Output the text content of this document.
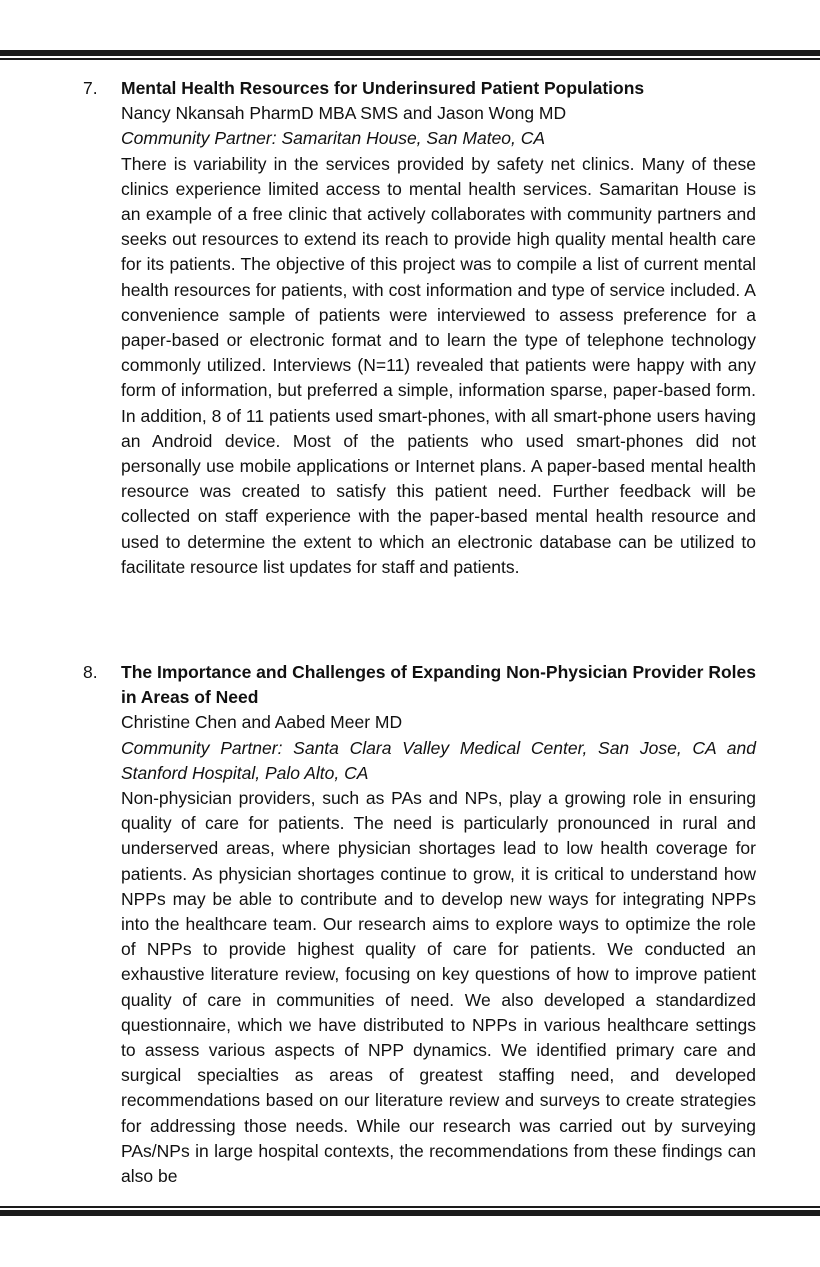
7. Mental Health Resources for Underinsured Patient Populations
Nancy Nkansah PharmD MBA SMS and Jason Wong MD
Community Partner: Samaritan House, San Mateo, CA
There is variability in the services provided by safety net clinics. Many of these clinics experience limited access to mental health services. Samaritan House is an example of a free clinic that actively collaborates with community partners and seeks out resources to extend its reach to provide high quality mental health care for its patients. The objective of this project was to compile a list of current mental health resources for patients, with cost information and type of service included. A convenience sample of patients were interviewed to assess preference for a paper-based or electronic format and to learn the type of telephone technology commonly utilized. Interviews (N=11) revealed that patients were happy with any form of information, but preferred a simple, information sparse, paper-based form. In addition, 8 of 11 patients used smart-phones, with all smart-phone users having an Android device. Most of the patients who used smart-phones did not personally use mobile applications or Internet plans. A paper-based mental health resource was created to satisfy this patient need. Further feedback will be collected on staff experience with the paper-based mental health resource and used to determine the extent to which an electronic database can be utilized to facilitate resource list updates for staff and patients.
8. The Importance and Challenges of Expanding Non-Physician Provider Roles in Areas of Need
Christine Chen and Aabed Meer MD
Community Partner: Santa Clara Valley Medical Center, San Jose, CA and Stanford Hospital, Palo Alto, CA
Non-physician providers, such as PAs and NPs, play a growing role in ensuring quality of care for patients. The need is particularly pronounced in rural and underserved areas, where physician shortages lead to low health coverage for patients. As physician shortages continue to grow, it is critical to understand how NPPs may be able to contribute and to develop new ways for integrating NPPs into the healthcare team. Our research aims to explore ways to optimize the role of NPPs to provide highest quality of care for patients. We conducted an exhaustive literature review, focusing on key questions of how to improve patient quality of care in communities of need. We also developed a standardized questionnaire, which we have distributed to NPPs in various healthcare settings to assess various aspects of NPP dynamics. We identified primary care and surgical specialties as areas of greatest staffing need, and developed recommendations based on our literature review and surveys to create strategies for addressing those needs. While our research was carried out by surveying PAs/NPs in large hospital contexts, the recommendations from these findings can also be
